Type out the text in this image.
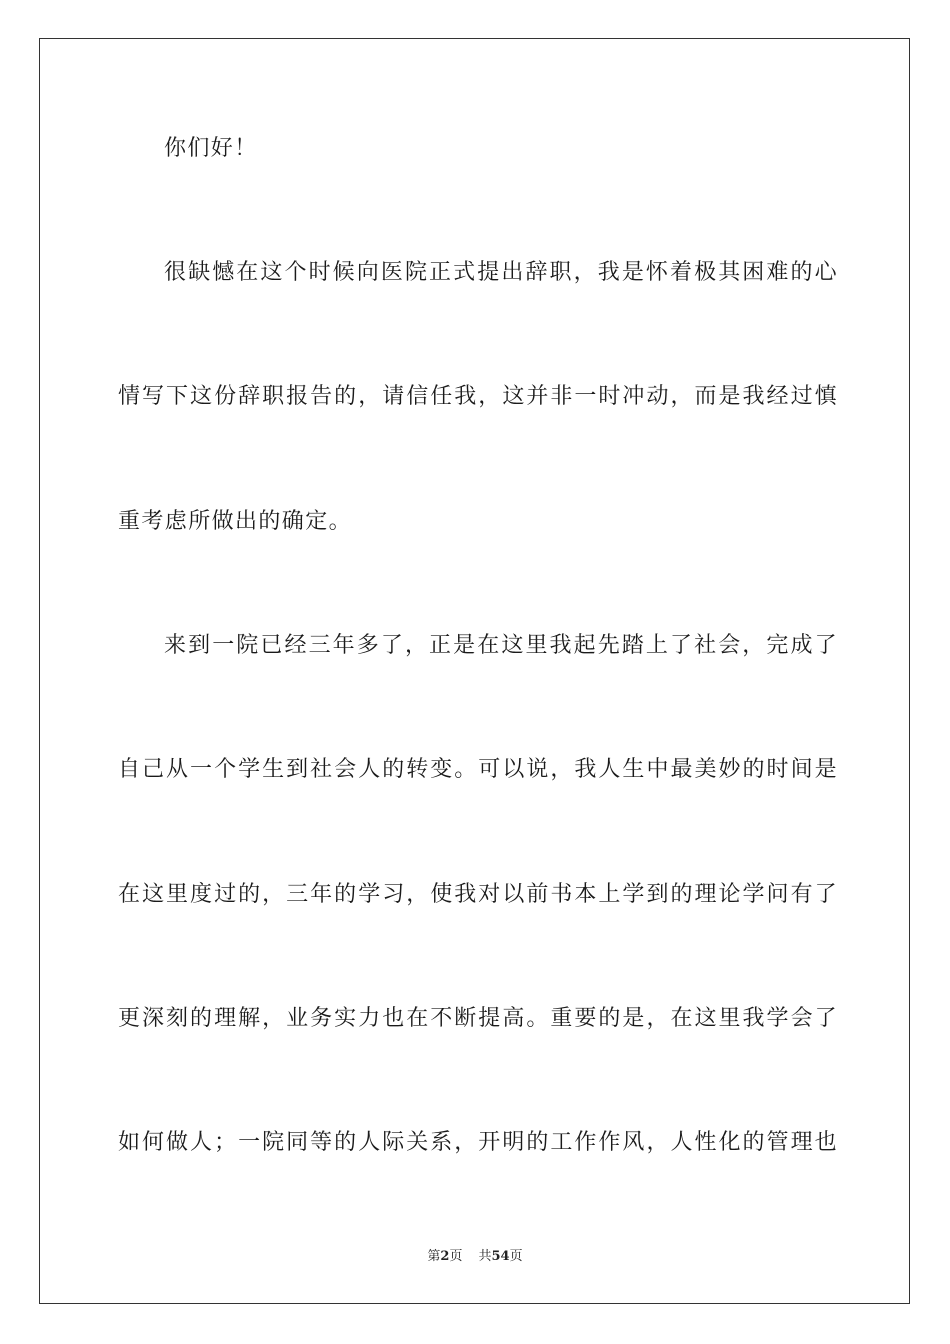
你们好！
很缺憾在这个时候向医院正式提出辞职，我是怀着极其困难的心
情写下这份辞职报告的，请信任我，这并非一时冲动，而是我经过慎
重考虑所做出的确定。
来到一院已经三年多了，正是在这里我起先踏上了社会，完成了
自己从一个学生到社会人的转变。可以说，我人生中最美妙的时间是
在这里度过的，三年的学习，使我对以前书本上学到的理论学问有了
更深刻的理解，业务实力也在不断提高。重要的是，在这里我学会了
如何做人；一院同等的人际关系，开明的工作作风，人性化的管理也
第2页 共54页
